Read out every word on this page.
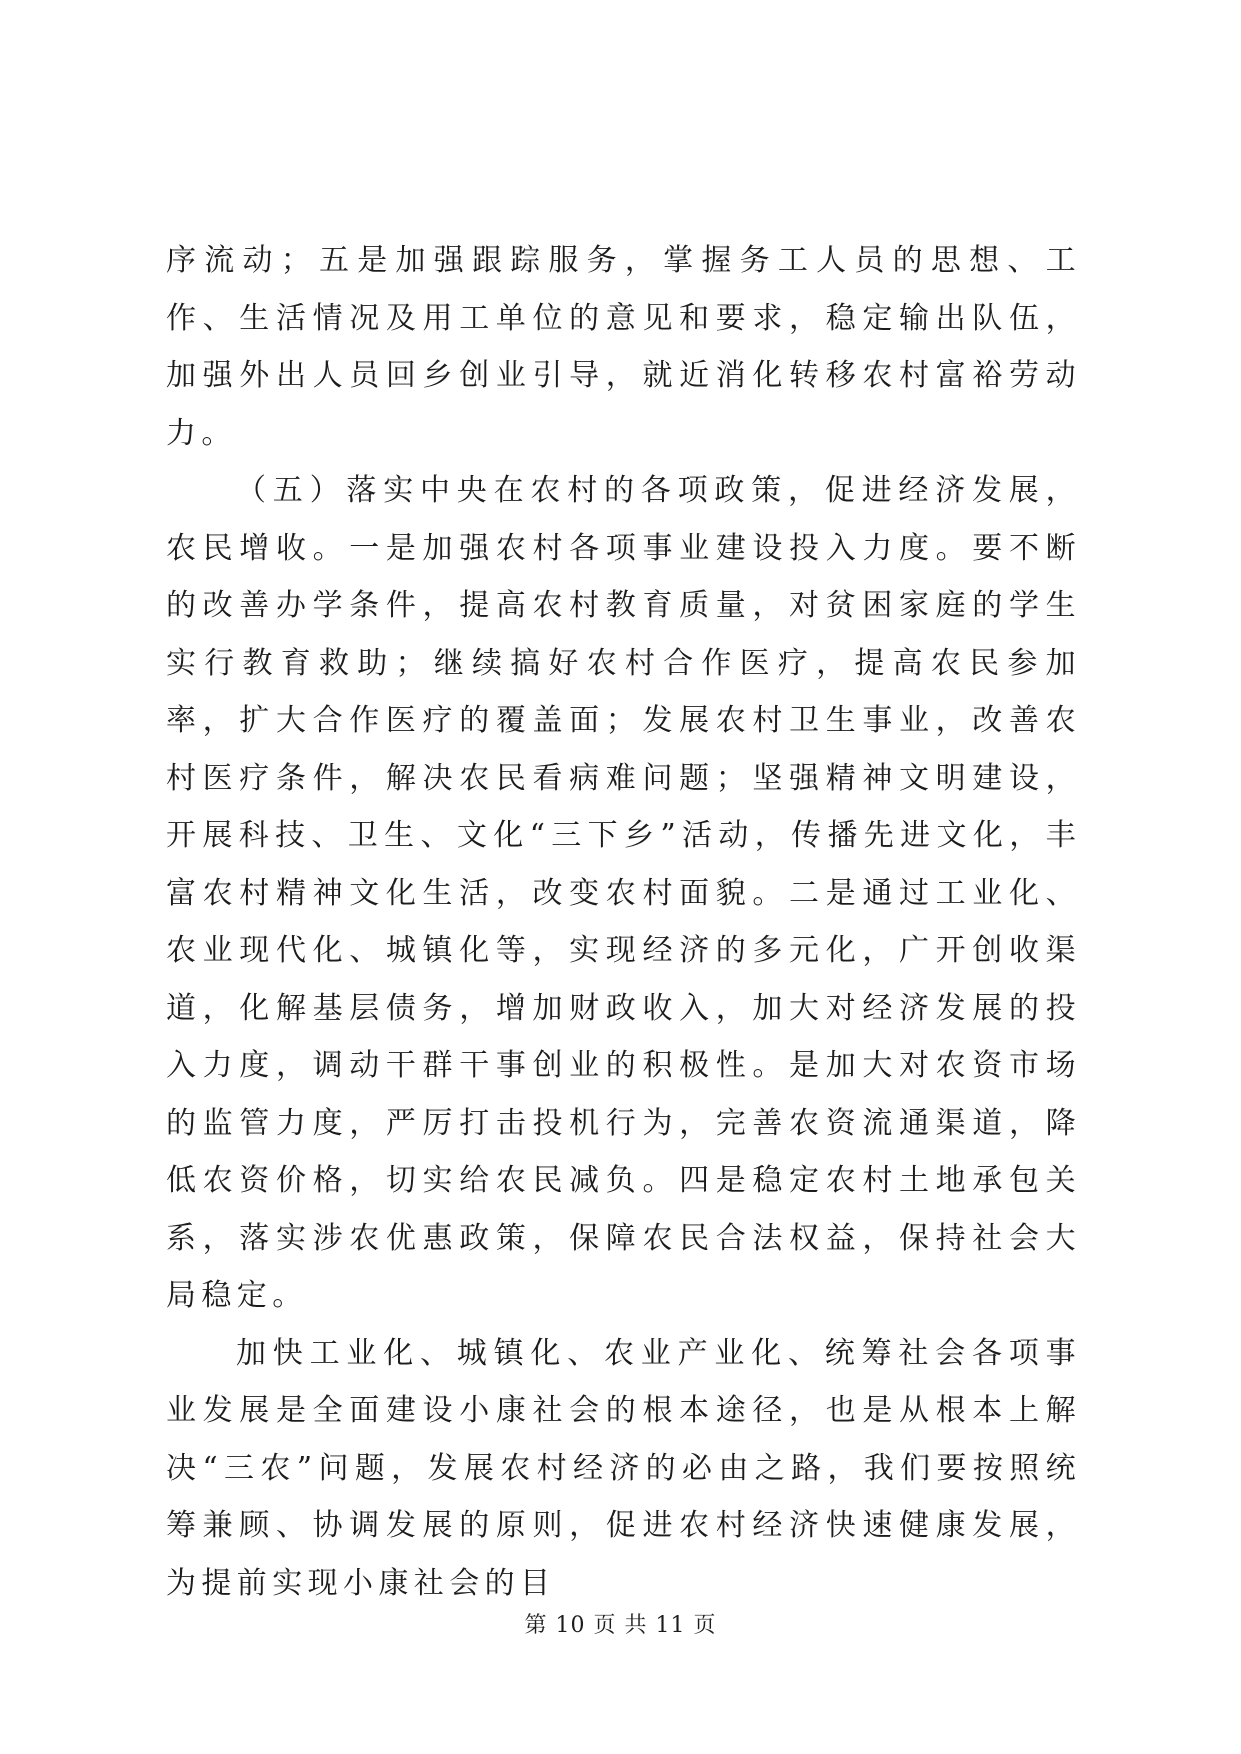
序流动；五是加强跟踪服务，掌握务工人员的思想、工作、生活情况及用工单位的意见和要求，稳定输出队伍，加强外出人员回乡创业引导，就近消化转移农村富裕劳动力。

（五）落实中央在农村的各项政策，促进经济发展，农民增收。一是加强农村各项事业建设投入力度。要不断的改善办学条件，提高农村教育质量，对贫困家庭的学生实行教育救助；继续搞好农村合作医疗，提高农民参加率，扩大合作医疗的覆盖面；发展农村卫生事业，改善农村医疗条件，解决农民看病难问题；坚强精神文明建设，开展科技、卫生、文化“三下乡”活动，传播先进文化，丰富农村精神文化生活，改变农村面貌。二是通过工业化、农业现代化、城镇化等，实现经济的多元化，广开创收渠道，化解基层债务，增加财政收入，加大对经济发展的投入力度，调动干群干事创业的积极性。是加大对农资市场的监管力度，严厉打击投机行为，完善农资流通渠道，降低农资价格，切实给农民减负。四是稳定农村土地承包关系，落实涉农优惠政策，保障农民合法权益，保持社会大局稳定。

加快工业化、城镇化、农业产业化、统筹社会各项事业发展是全面建设小康社会的根本途径，也是从根本上解决“三农”问题，发展农村经济的必由之路，我们要按照统筹兼顾、协调发展的原则，促进农村经济快速健康发展，为提前实现小康社会的目

第 10 页 共 11 页
